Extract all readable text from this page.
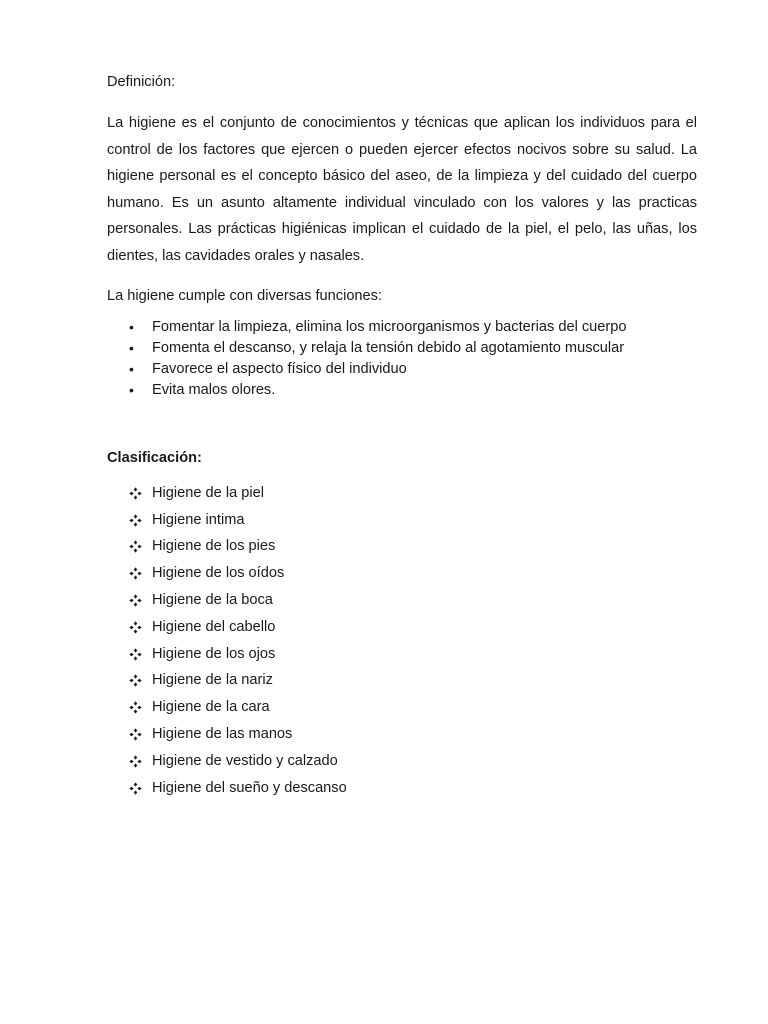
Definición:

La higiene es el conjunto de conocimientos y técnicas que aplican los individuos para el control de los factores que ejercen o pueden ejercer efectos nocivos sobre su salud. La higiene personal es el concepto básico del aseo, de la limpieza y del cuidado del cuerpo humano. Es un asunto altamente individual vinculado con los valores y las practicas personales. Las prácticas higiénicas implican el cuidado de la piel, el pelo, las uñas, los dientes, las cavidades orales y nasales.

La higiene cumple con diversas funciones:

•	Fomentar la limpieza, elimina los microorganismos y bacterias del cuerpo
•	Fomenta el descanso, y relaja la tensión debido al agotamiento muscular
•	Favorece el aspecto físico del individuo
•	Evita malos olores.

Clasificación:

Higiene de la piel
Higiene intima
Higiene de los pies
Higiene de los oídos
Higiene de la boca
Higiene del cabello
Higiene de los ojos
Higiene de la nariz
Higiene de la cara
Higiene de las manos
Higiene de vestido y calzado
Higiene del sueño y descanso
